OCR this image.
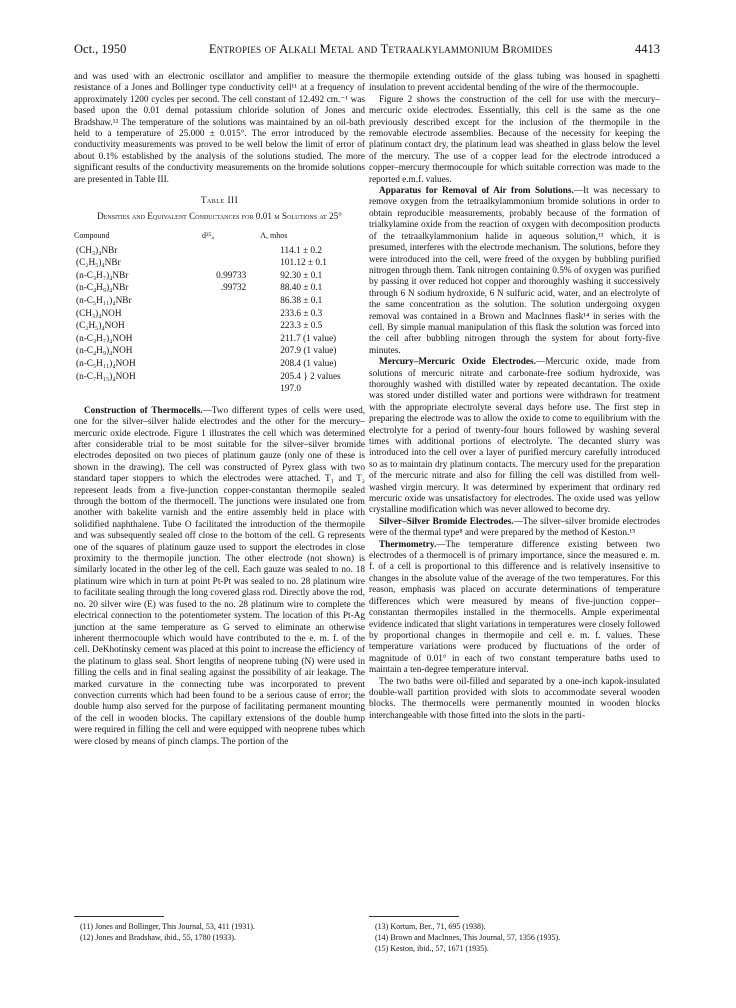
Oct., 1950	Entropies of Alkali Metal and Tetraalkylammonium Bromides	4413

and was used with an electronic oscillator and amplifier to measure the resistance of a Jones and Bollinger type conductivity cell¹¹ at a frequency of approximately 1200 cycles per second. The cell constant of 12.492 cm.⁻¹ was based upon the 0.01 demal potassium chloride solution of Jones and Bradshaw.¹² The temperature of the solutions was maintained by an oil-bath held to a temperature of 25.000 ± 0.015°. The error introduced by the conductivity measurements was proved to be well below the limit of error of about 0.1% established by the analysis of the solutions studied. The more significant results of the conductivity measurements on the bromide solutions are presented in Table III.

Table III
Densities and Equivalent Conductances for 0.01 m Solutions at 25°
Compound	d²⁵₄	Λ, mhos
(CH₃)₄NBr		114.1 ± 0.2
(C₂H₅)₄NBr		101.12 ± 0.1
(n-C₃H₇)₄NBr	0.99733	92.30 ± 0.1
(n-C₄H₉)₄NBr	.99732	88.40 ± 0.1
(n-C₅H₁₁)₄NBr		86.38 ± 0.1
(CH₃)₄NOH		233.6 ± 0.3
(C₂H₅)₄NOH		223.3 ± 0.5
(n-C₃H₇)₄NOH		211.7 (1 value)
(n-C₄H₉)₄NOH		207.9 (1 value)
(n-C₅H₁₁)₄NOH		208.4 (1 value)
(n-C₇H₁₅)₄NOH		205.4 } 2 values
		197.0

Construction of Thermocells.—Two different types of cells were used, one for the silver–silver halide electrodes and the other for the mercury–mercuric oxide electrode. Figure 1 illustrates the cell which was determined after considerable trial to be most suitable for the silver–silver bromide electrodes deposited on two pieces of platinum gauze (only one of these is shown in the drawing). The cell was constructed of Pyrex glass with two standard taper stoppers to which the electrodes were attached. T₁ and T₂ represent leads from a five-junction copper-constantan thermopile sealed through the bottom of the thermocell. The junctions were insulated one from another with bakelite varnish and the entire assembly held in place with solidified naphthalene. Tube O facilitated the introduction of the thermopile and was subsequently sealed off close to the bottom of the cell. G represents one of the squares of platinum gauze used to support the electrodes in close proximity to the thermopile junction. The other electrode (not shown) is similarly located in the other leg of the cell. Each gauze was sealed to no. 18 platinum wire which in turn at point Pt-Pt was sealed to no. 28 platinum wire to facilitate sealing through the long covered glass rod. Directly above the rod, no. 20 silver wire (E) was fused to the no. 28 platinum wire to complete the electrical connection to the potentiometer system. The location of this Pt-Ag junction at the same temperature as G served to eliminate an otherwise inherent thermocouple which would have contributed to the e. m. f. of the cell. DeKhotinsky cement was placed at this point to increase the efficiency of the platinum to glass seal. Short lengths of neoprene tubing (N) were used in filling the cells and in final sealing against the possibility of air leakage. The marked curvature in the connecting tube was incorporated to prevent convection currents which had been found to be a serious cause of error; the double hump also served for the purpose of facilitating permanent mounting of the cell in wooden blocks. The capillary extensions of the double hump were required in filling the cell and were equipped with neoprene tubes which were closed by means of pinch clamps. The portion of the

thermopile extending outside of the glass tubing was housed in spaghetti insulation to prevent accidental bending of the wire of the thermocouple.

Figure 2 shows the construction of the cell for use with the mercury–mercuric oxide electrodes. Essentially, this cell is the same as the one previously described except for the inclusion of the thermopile in the removable electrode assemblies. Because of the necessity for keeping the platinum contact dry, the platinum lead was sheathed in glass below the level of the mercury. The use of a copper lead for the electrode introduced a copper–mercury thermocouple for which suitable correction was made to the reported e.m.f. values.

Apparatus for Removal of Air from Solutions.—It was necessary to remove oxygen from the tetraalkylammonium bromide solutions in order to obtain reproducible measurements, probably because of the formation of trialkylamine oxide from the reaction of oxygen with decomposition products of the tetraalkylammonium halide in aqueous solution,¹³ which, it is presumed, interferes with the electrode mechanism. The solutions, before they were introduced into the cell, were freed of the oxygen by bubbling purified nitrogen through them. Tank nitrogen containing 0.5% of oxygen was purified by passing it over reduced hot copper and thoroughly washing it successively through 6 N sodium hydroxide, 6 N sulfuric acid, water, and an electrolyte of the same concentration as the solution. The solution undergoing oxygen removal was contained in a Brown and MacInnes flask¹⁴ in series with the cell. By simple manual manipulation of this flask the solution was forced into the cell after bubbling nitrogen through the system for about forty-five minutes.

Mercury–Mercuric Oxide Electrodes.—Mercuric oxide, made from solutions of mercuric nitrate and carbonate-free sodium hydroxide, was thoroughly washed with distilled water by repeated decantation. The oxide was stored under distilled water and portions were withdrawn for treatment with the appropriate electrolyte several days before use. The first step in preparing the electrode was to allow the oxide to come to equilibrium with the electrolyte for a period of twenty-four hours followed by washing several times with additional portions of electrolyte. The decanted slurry was introduced into the cell over a layer of purified mercury carefully introduced so as to maintain dry platinum contacts. The mercury used for the preparation of the mercuric nitrate and also for filling the cell was distilled from well-washed virgin mercury. It was determined by experiment that ordinary red mercuric oxide was unsatisfactory for electrodes. The oxide used was yellow crystalline modification which was never allowed to become dry.

Silver–Silver Bromide Electrodes.—The silver–silver bromide electrodes were of the thermal type⁸ and were prepared by the method of Keston.¹⁵

Thermometry.—The temperature difference existing between two electrodes of a thermocell is of primary importance, since the measured e. m. f. of a cell is proportional to this difference and is relatively insensitive to changes in the absolute value of the average of the two temperatures. For this reason, emphasis was placed on accurate determinations of temperature differences which were measured by means of five-junction copper–constantan thermopiles installed in the thermocells. Ample experimental evidence indicated that slight variations in temperatures were closely followed by proportional changes in thermopile and cell e. m. f. values. These temperature variations were produced by fluctuations of the order of magnitude of 0.01° in each of two constant temperature baths used to maintain a ten-degree temperature interval.

The two baths were oil-filled and separated by a one-inch kapok-insulated double-wall partition provided with slots to accommodate several wooden blocks. The thermocells were permanently mounted in wooden blocks interchangeable with those fitted into the slots in the parti-

(11) Jones and Bollinger, This Journal, 53, 411 (1931).
(12) Jones and Bradshaw, ibid., 55, 1780 (1933).
(13) Kortum, Ber., 71, 695 (1938).
(14) Brown and MacInnes, This Journal, 57, 1356 (1935).
(15) Keston, ibid., 57, 1671 (1935).
